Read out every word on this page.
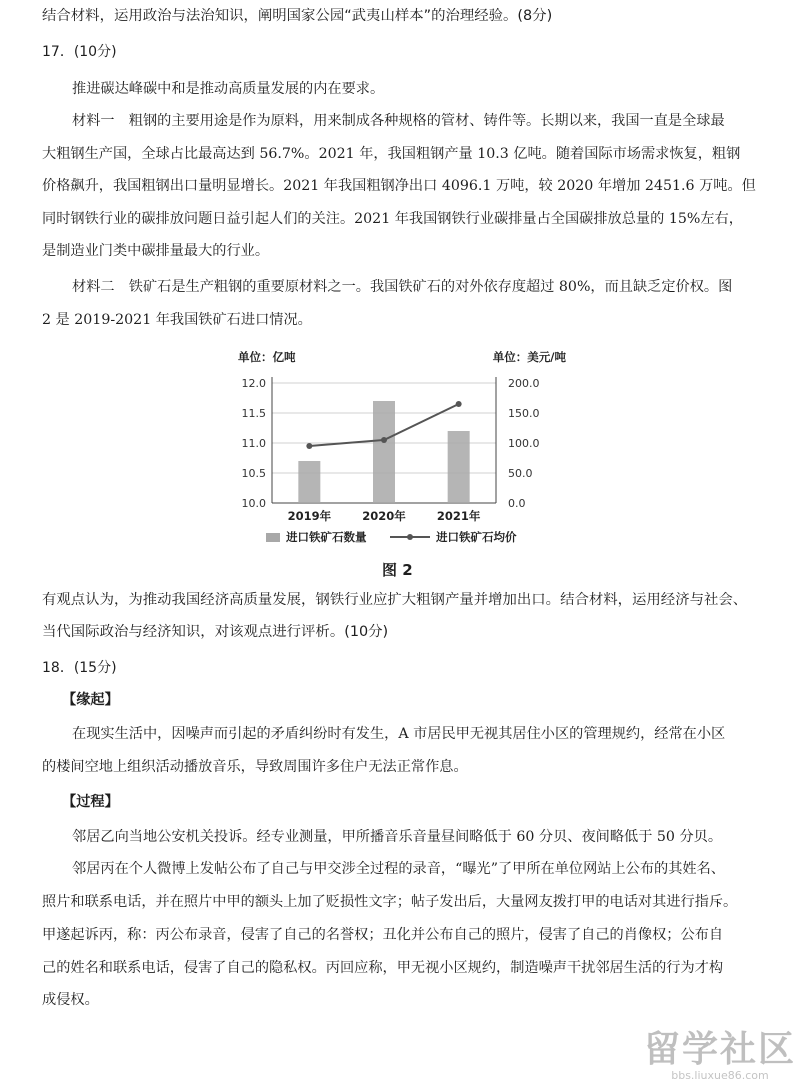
结合材料，运用政治与法治知识，阐明国家公园“武夷山样本”的治理经验。(8分)
17．(10分)
推进碳达峰碳中和是推动高质量发展的内在要求。
材料一　粗钢的主要用途是作为原料，用来制成各种规格的管材、铸件等。长期以来，我国一直是全球最
大粗钢生产国，全球占比最高达到 56.7%。2021 年，我国粗钢产量 10.3 亿吨。随着国际市场需求恢复，粗钢
价格飙升，我国粗钢出口量明显增长。2021 年我国粗钢净出口 4096.1 万吨，较 2020 年增加 2451.6 万吨。但
同时钢铁行业的碳排放问题日益引起人们的关注。2021 年我国钢铁行业碳排量占全国碳排放总量的 15%左右，
是制造业门类中碳排量最大的行业。
材料二　铁矿石是生产粗钢的重要原材料之一。我国铁矿石的对外依存度超过 80%，而且缺乏定价权。图
2 是 2019-2021 年我国铁矿石进口情况。
有观点认为，为推动我国经济高质量发展，钢铁行业应扩大粗钢产量并增加出口。结合材料，运用经济与社会、
当代国际政治与经济知识，对该观点进行评析。(10分)
18．(15分)
【缘起】
在现实生活中，因噪声而引起的矛盾纠纷时有发生，A 市居民甲无视其居住小区的管理规约，经常在小区
的楼间空地上组织活动播放音乐，导致周围许多住户无法正常作息。
【过程】
邻居乙向当地公安机关投诉。经专业测量，甲所播音乐音量昼间略低于 60 分贝、夜间略低于 50 分贝。
邻居丙在个人微博上发帖公布了自己与甲交涉全过程的录音，“曝光”了甲所在单位网站上公布的其姓名、
照片和联系电话，并在照片中甲的额头上加了贬损性文字；帖子发出后，大量网友拨打甲的电话对其进行指斥。
甲遂起诉丙，称：丙公布录音，侵害了自己的名誉权；丑化并公布自己的照片，侵害了自己的肖像权；公布自
己的姓名和联系电话，侵害了自己的隐私权。丙回应称，甲无视小区规约，制造噪声干扰邻居生活的行为才构
成侵权。
10.0
10.5
11.0
11.5
12.0
0.0
50.0
100.0
150.0
200.0
单位：亿吨	单位：美元/吨
2019年	2020年	2021年
进口铁矿石数量	进口铁矿石均价
图 2
留学社区
bbs.liuxue86.com
